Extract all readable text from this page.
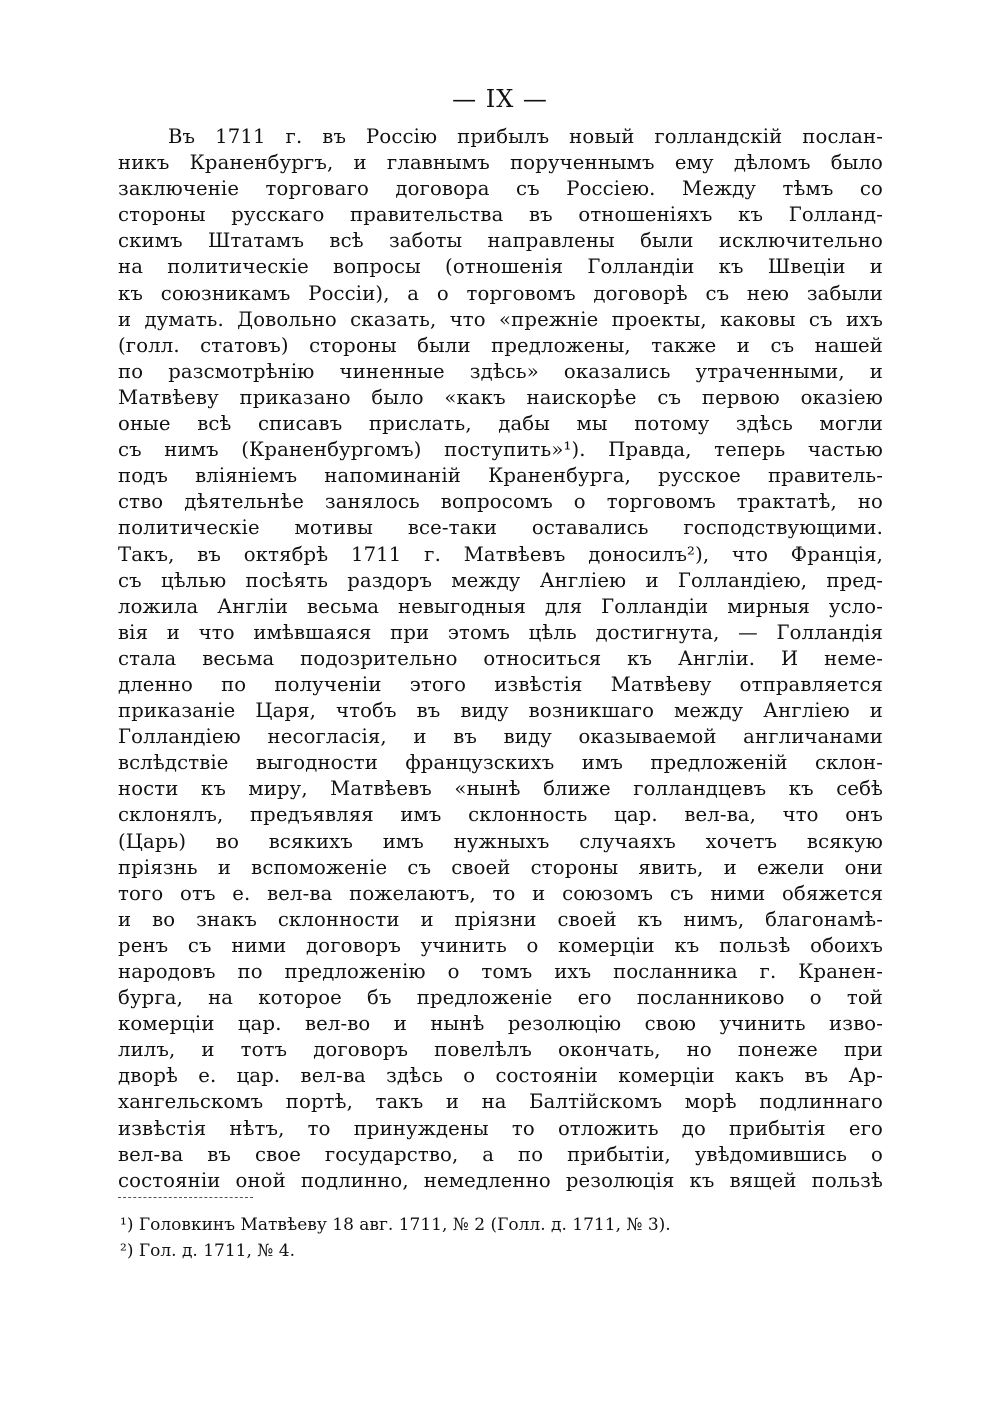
— IX —
Въ 1711 г. въ Россію прибылъ новый голландскій послан-
никъ Краненбургъ, и главнымъ порученнымъ ему дѣломъ было
заключеніе торговаго договора съ Россіею. Между тѣмъ со
стороны русскаго правительства въ отношеніяхъ къ Голланд-
скимъ Штатамъ всѣ заботы направлены были исключительно
на политическіе вопросы (отношенія Голландіи къ Швеціи и
къ союзникамъ Россіи), а о торговомъ договорѣ съ нею забыли
и думать. Довольно сказать, что «прежніе проекты, каковы съ ихъ
(голл. статовъ) стороны были предложены, также и съ нашей
по разсмотрѣнію чиненные здѣсь» оказались утраченными, и
Матвѣеву приказано было «какъ наискорѣе съ первою оказіею
оные всѣ списавъ прислать, дабы мы потому здѣсь могли
съ нимъ (Краненбургомъ) поступить»¹). Правда, теперь частью
подъ вліяніемъ напоминаній Краненбурга, русское правитель-
ство дѣятельнѣе занялось вопросомъ о торговомъ трактатѣ, но
политическіе мотивы все-таки оставались господствующими.
Такъ, въ октябрѣ 1711 г. Матвѣевъ доносилъ²), что Франція,
съ цѣлью посѣять раздоръ между Англіею и Голландіею, пред-
ложила Англіи весьма невыгодныя для Голландіи мирныя усло-
вія и что имѣвшаяся при этомъ цѣль достигнута, — Голландія
стала весьма подозрительно относиться къ Англіи. И неме-
дленно по полученіи этого извѣстія Матвѣеву отправляется
приказаніе Царя, чтобъ въ виду возникшаго между Англіею и
Голландіею несогласія, и въ виду оказываемой англичанами
вслѣдствіе выгодности французскихъ имъ предложеній склон-
ности къ миру, Матвѣевъ «нынѣ ближе голландцевъ къ себѣ
склонялъ, предъявляя имъ склонность цар. вел-ва, что онъ
(Царь) во всякихъ имъ нужныхъ случаяхъ хочетъ всякую
пріязнь и вспоможеніе съ своей стороны явить, и ежели они
того отъ е. вел-ва пожелаютъ, то и союзомъ съ ними обяжется
и во знакъ склонности и пріязни своей къ нимъ, благонамѣ-
ренъ съ ними договоръ учинить о комерціи къ пользѣ обоихъ
народовъ по предложенію о томъ ихъ посланника г. Кранен-
бурга, на которое бъ предложеніе его посланниково о той
комерціи цар. вел-во и нынѣ резолюцію свою учинить изво-
лилъ, и тотъ договоръ повелѣлъ окончать, но понеже при
дворѣ е. цар. вел-ва здѣсь о состояніи комерціи какъ въ Ар-
хангельскомъ портѣ, такъ и на Балтійскомъ морѣ подлиннаго
извѣстія нѣтъ, то принуждены то отложить до прибытія его
вел-ва въ свое государство, а по прибытіи, увѣдомившись о
состояніи оной подлинно, немедленно резолюція къ вящей пользѣ
¹) Головкинъ Матвѣеву 18 авг. 1711, № 2 (Голл. д. 1711, № 3).
²) Гол. д. 1711, № 4.
